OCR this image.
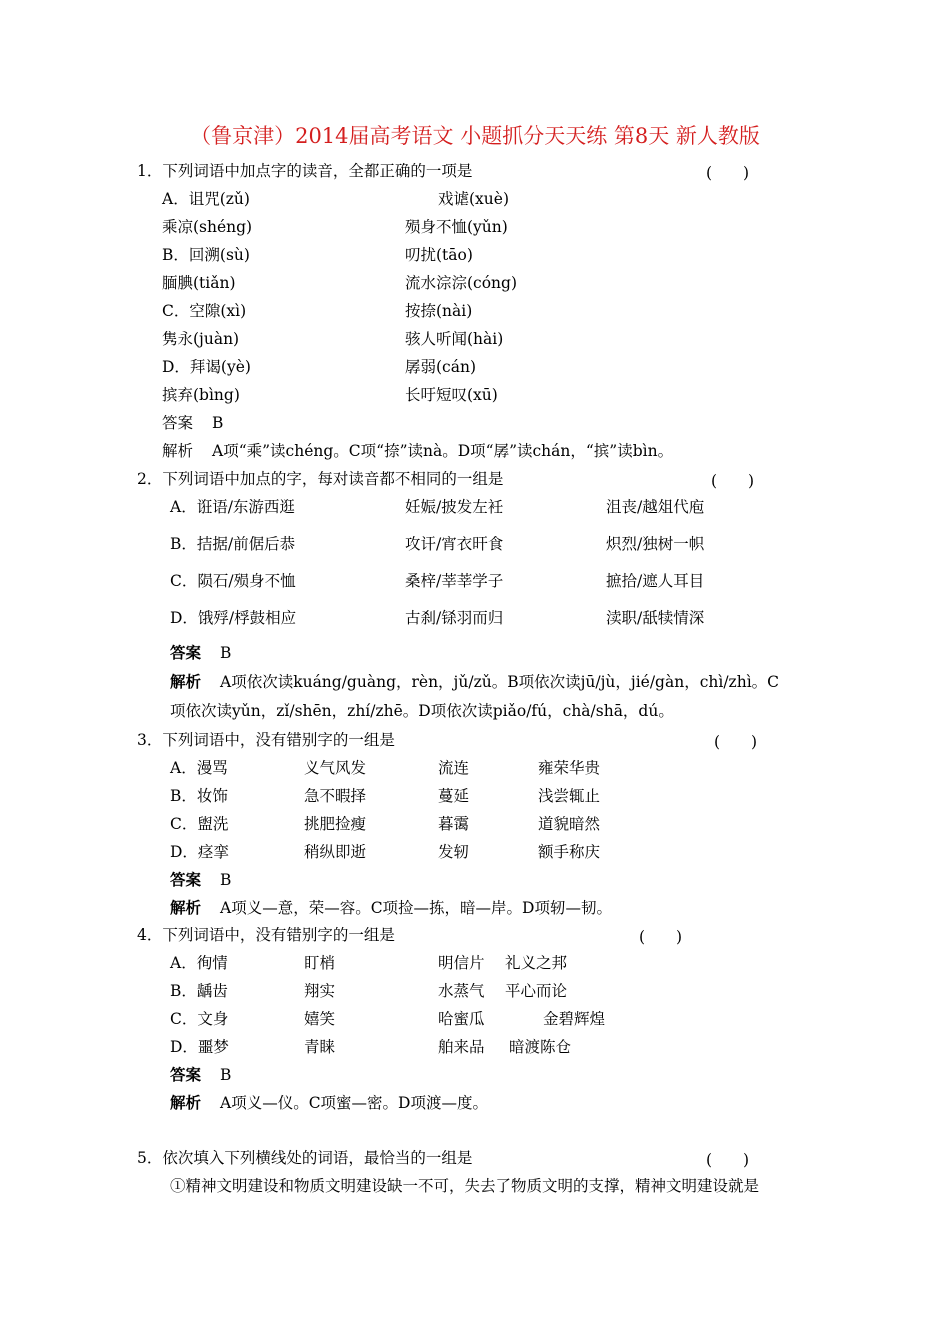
（鲁京津）2014届高考语文 小题抓分天天练 第8天 新人教版
1．下列词语中加点字的读音，全都正确的一项是	(　　)
A．诅咒(zǔ)	戏谑(xuè)
乘凉(shéng)	殒身不恤(yǔn)
B．回溯(sù)	叨扰(tāo)
腼腆(tiǎn)	流水淙淙(cóng)
C．空隙(xì)	按捺(nài)
隽永(juàn)	骇人听闻(hài)
D．拜谒(yè)	孱弱(cán)
摈弃(bìng)	长吁短叹(xū)
答案 B
解析 A项“乘”读chéng。C项“捺”读nà。D项“孱”读chán，“摈”读bìn。
2．下列词语中加点的字，每对读音都不相同的一组是	(　　)
A．诳语/东游西逛	妊娠/披发左衽	沮丧/越俎代庖
B．拮据/前倨后恭	攻讦/宵衣旰食	炽烈/独树一帜
C．陨石/殒身不恤	桑梓/莘莘学子	摭拾/遮人耳目
D．饿殍/桴鼓相应	古刹/铩羽而归	渎职/舐犊情深
答案 B
解析 A项依次读kuáng/guàng，rèn，jǔ/zǔ。B项依次读jū/jù，jié/gàn，chì/zhì。C
项依次读yǔn，zǐ/shēn，zhí/zhē。D项依次读piǎo/fú，chà/shā，dú。
3．下列词语中，没有错别字的一组是	(　　)
A．漫骂	义气风发	流连	雍荣华贵
B．妆饰	急不暇择	蔓延	浅尝辄止
C．盥洗	挑肥捡瘦	暮霭	道貌暗然
D．痉挛	稍纵即逝	发轫	额手称庆
答案 B
解析 A项义—意，荣—容。C项捡—拣，暗—岸。D项轫—韧。
4．下列词语中，没有错别字的一组是	(　　)
A．徇情	盯梢	明信片 礼义之邦
B．龋齿	翔实	水蒸气 平心而论
C．文身	嬉笑	哈蜜瓜	金碧辉煌
D．噩梦	青睐	舶来品 暗渡陈仓
答案 B
解析 A项义—仪。C项蜜—密。D项渡—度。
5．依次填入下列横线处的词语，最恰当的一组是	(　　)
①精神文明建设和物质文明建设缺一不可，失去了物质文明的支撑，精神文明建设就是
